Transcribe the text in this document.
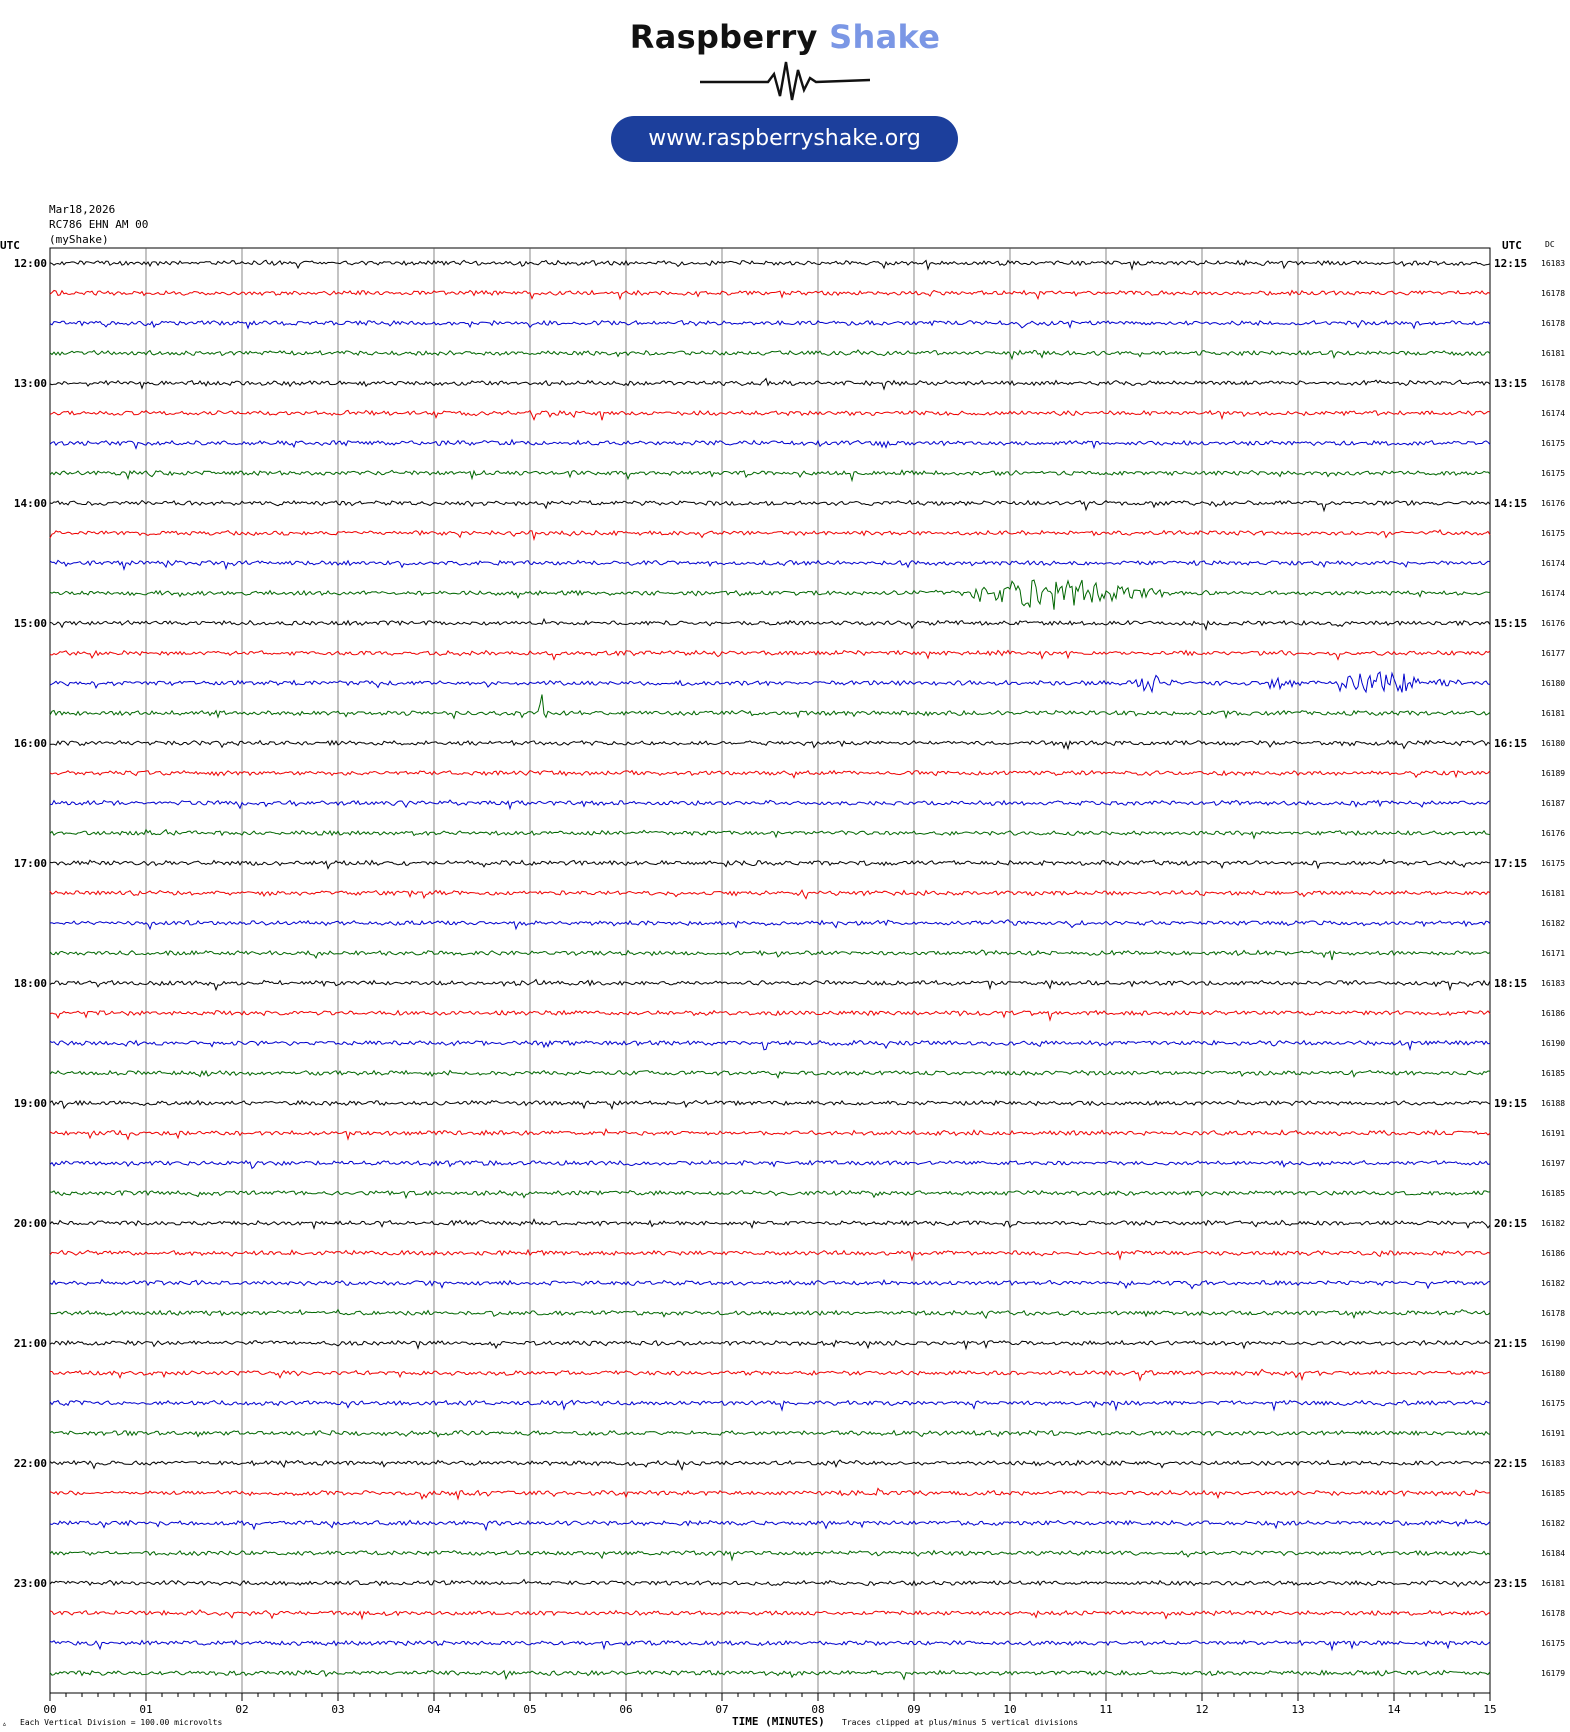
Raspberry Shake
www.raspberryshake.org
Mar18,2026
RC786 EHN AM 00
(myShake)
00	01	02	03	04	05	06	07	08	09	10	11	12	13	14	15
12:00
13:00
14:00
15:00
16:00
17:00
18:00
19:00
20:00
21:00
22:00
23:00
12:15
13:15
14:15
15:15
16:15
17:15
18:15
19:15
20:15
21:15
22:15
23:15
16183
16178
16178
16181
16178
16174
16175
16175
16176
16175
16174
16174
16176
16177
16180
16181
16180
16189
16187
16176
16175
16181
16182
16171
16183
16186
16190
16185
16188
16191
16197
16185
16182
16186
16182
16178
16190
16180
16175
16191
16183
16185
16182
16184
16181
16178
16175
16179
UTC	UTC	DC
▵ Each Vertical Division = 100.00 microvolts	TIME (MINUTES) Traces clipped at plus/minus 5 vertical divisions
